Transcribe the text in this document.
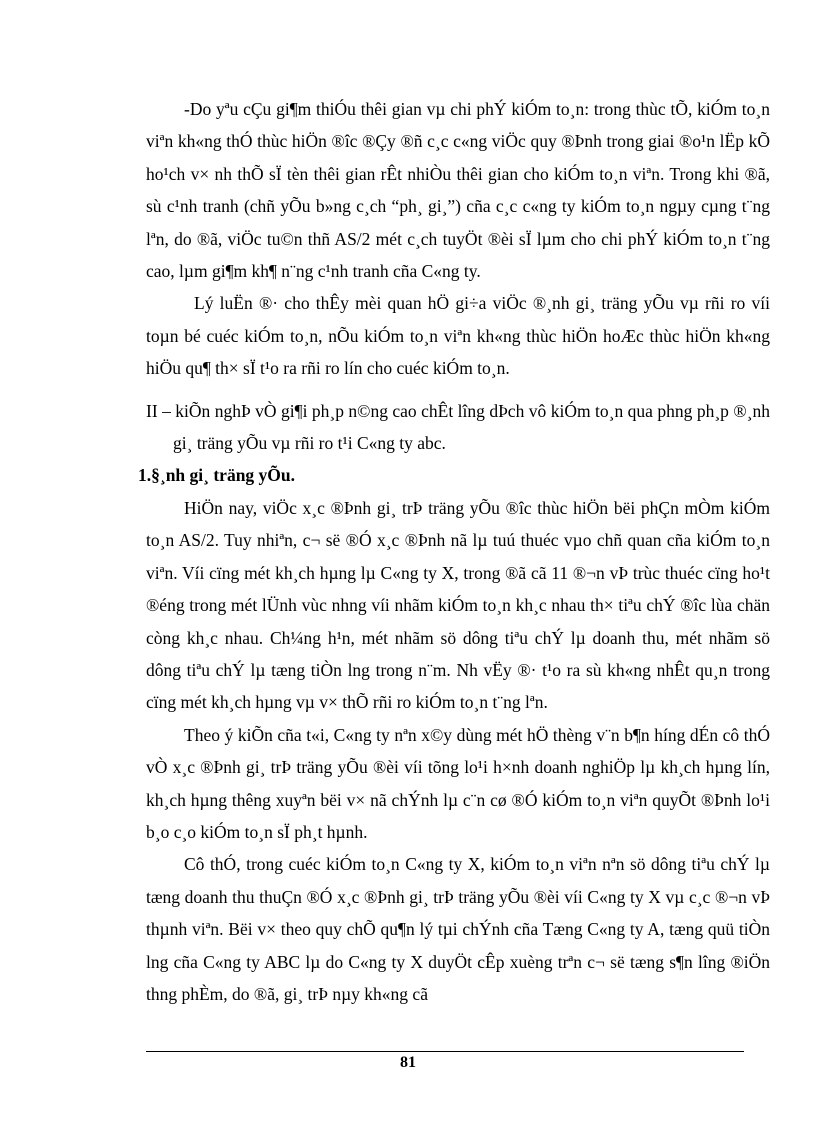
-Do yªu cÇu gi¶m thiÓu thêi gian vµ chi phÝ kiÓm to¸n: trong thùc tÕ, kiÓm to¸n viªn kh«ng thÓ thùc hiÖn ®îc ®Çy ®ñ c¸c c«ng viÖc quy ®Þnh trong giai ®o¹n lËp kÕ ho¹ch v× nh thÕ sÏ tèn thêi gian rÊt nhiÒu thêi gian cho kiÓm to¸n viªn. Trong khi ®ã, sù c¹nh tranh (chñ yÕu b»ng c¸ch “ph¸ gi¸”) cña c¸c c«ng ty kiÓm to¸n ngµy cµng t¨ng lªn, do ®ã, viÖc tu©n thñ AS/2 mét c¸ch tuyÖt ®èi sÏ lµm cho chi phÝ kiÓm to¸n t¨ng cao, lµm gi¶m kh¶ n¨ng c¹nh tranh cña C«ng ty.

Lý luËn ®· cho thÊy mèi quan hÖ gi÷a viÖc ®¸nh gi¸ träng yÕu vµ rñi ro víi toµn bé cuéc kiÓm to¸n, nÕu kiÓm to¸n viªn kh«ng thùc hiÖn hoÆc thùc hiÖn kh«ng hiÖu qu¶ th× sÏ t¹o ra rñi ro lín cho cuéc kiÓm to¸n.

II – kiÕn nghÞ vÒ gi¶i ph¸p n©ng cao chÊt lîng dÞch vô kiÓm to¸n qua phng ph¸p ®¸nh gi¸ träng yÕu vµ rñi ro t¹i C«ng ty abc.

1.§¸nh gi¸ träng yÕu.

HiÖn nay, viÖc x¸c ®Þnh gi¸ trÞ träng yÕu ®îc thùc hiÖn bëi phÇn mÒm kiÓm to¸n AS/2. Tuy nhiªn, c¬ së ®Ó x¸c ®Þnh nã lµ tuú thuéc vµo chñ quan cña kiÓm to¸n viªn. Víi cïng mét kh¸ch hµng lµ C«ng ty X, trong ®ã cã 11 ®¬n vÞ trùc thuéc cïng ho¹t ®éng trong mét lÜnh vùc nhng víi nhãm kiÓm to¸n kh¸c nhau th× tiªu chÝ ®îc lùa chän còng kh¸c nhau. Ch¼ng h¹n, mét nhãm sö dông tiªu chÝ lµ doanh thu, mét nhãm sö dông tiªu chÝ lµ tæng tiÒn lng trong n¨m. Nh vËy ®· t¹o ra sù kh«ng nhÊt qu¸n trong cïng mét kh¸ch hµng vµ v× thÕ rñi ro kiÓm to¸n t¨ng lªn.

Theo ý kiÕn cña t«i, C«ng ty nªn x©y dùng mét hÖ thèng v¨n b¶n híng dÉn cô thÓ vÒ x¸c ®Þnh gi¸ trÞ träng yÕu ®èi víi tõng lo¹i h×nh doanh nghiÖp lµ kh¸ch hµng lín, kh¸ch hµng thêng xuyªn bëi v× nã chÝnh lµ c¨n cø ®Ó kiÓm to¸n viªn quyÕt ®Þnh lo¹i b¸o c¸o kiÓm to¸n sÏ ph¸t hµnh.

Cô thÓ, trong cuéc kiÓm to¸n C«ng ty X, kiÓm to¸n viªn nªn sö dông tiªu chÝ lµ tæng doanh thu thuÇn ®Ó x¸c ®Þnh gi¸ trÞ träng yÕu ®èi víi C«ng ty X vµ c¸c ®¬n vÞ thµnh viªn. Bëi v× theo quy chÕ qu¶n lý tµi chÝnh cña Tæng C«ng ty A, tæng quü tiÒn lng cña C«ng ty ABC lµ do C«ng ty X duyÖt cÊp xuèng trªn c¬ së tæng s¶n lîng ®iÖn thng phÈm, do ®ã, gi¸ trÞ nµy kh«ng cã

81
